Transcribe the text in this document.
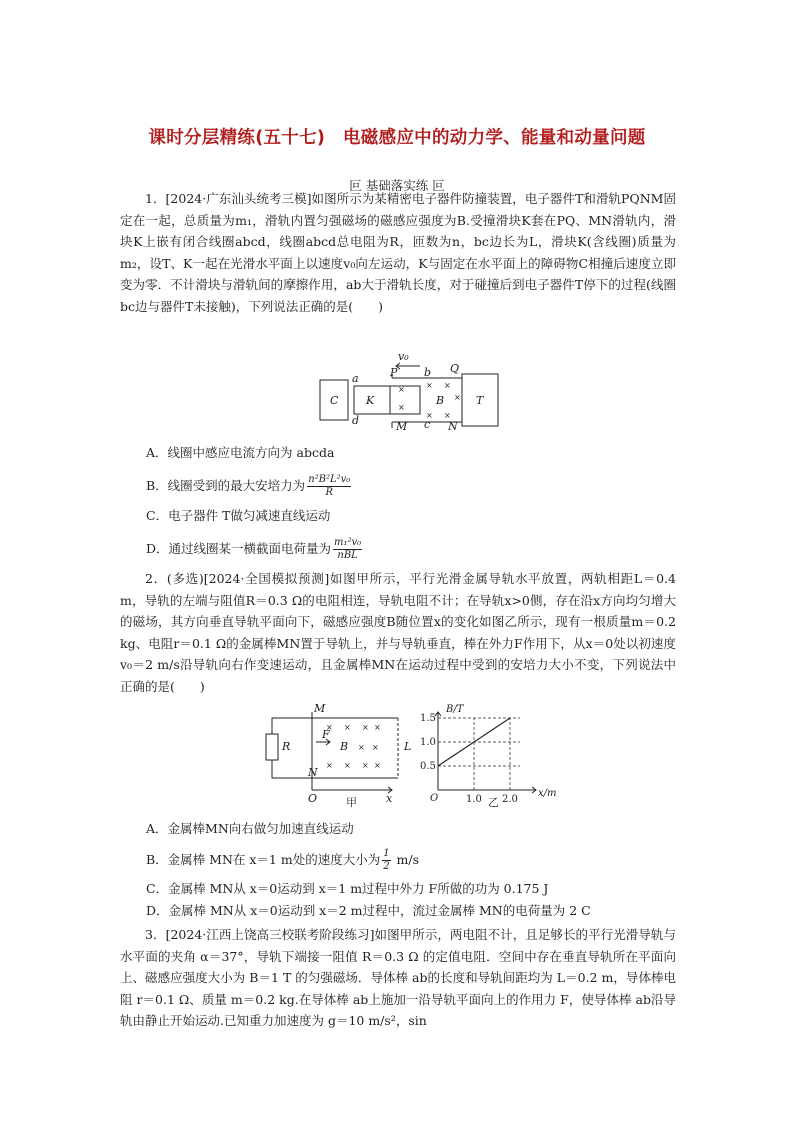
课时分层精练(五十七)　电磁感应中的动力学、能量和动量问题
叵 基础落实练 叵
1．[2024·广东汕头统考三模]如图所示为某精密电子器件防撞装置，电子器件T和滑轨PQNM固定在一起，总质量为m₁，滑轨内置匀强磁场的磁感应强度为B.受撞滑块K套在PQ、MN滑轨内，滑块K上嵌有闭合线圈abcd，线圈abcd总电阻为R，匝数为n，bc边长为L，滑块K(含线圈)质量为m₂，设T、K一起在光滑水平面上以速度v₀向左运动，K与固定在水平面上的障碍物C相撞后速度立即变为零．不计滑块与滑轨间的摩擦作用，ab大于滑轨长度，对于碰撞后到电子器件T停下的过程(线圈bc边与器件T未接触)，下列说法正确的是(　　)
C	K	B	T
a
d
b
c
P	Q
M	N
v₀
×
×
× ×
× ×
×
R
M
N
O
F
B	L
x
甲
× × × ×
× ×
× × × ×
B/T
x/m
O	乙
0.5
1.0
1.5
1.0 2.0
A．线圈中感应电流方向为 abcda
B．线圈受到的最大安培力为 $\frac{\text{n²B²L²v₀}}{R}$
C．电子器件 T做匀减速直线运动
D．通过线圈某一横截面电荷量为 $\frac{\text{m₁²v₀}}{\text{nBL}}$
2．(多选)[2024·全国模拟预测]如图甲所示，平行光滑金属导轨水平放置，两轨相距L＝0.4 m，导轨的左端与阻值R＝0.3 Ω的电阻相连，导轨电阻不计；在导轨x>0侧，存在沿x方向均匀增大的磁场，其方向垂直导轨平面向下，磁感应强度B随位置x的变化如图乙所示，现有一根质量m＝0.2 kg、电阻r＝0.1 Ω的金属棒MN置于导轨上，并与导轨垂直，棒在外力F作用下，从x＝0处以初速度v₀＝2 m/s沿导轨向右作变速运动，且金属棒MN在运动过程中受到的安培力大小不变，下列说法中正确的是(　　)
A．金属棒MN向右做匀加速直线运动
B．金属棒 MN在 x＝1 m处的速度大小为 $\frac{1}{2} m/s$
C．金属棒 MN从 x＝0运动到 x＝1 m过程中外力 F所做的功为 0.175 J
D．金属棒 MN从 x＝0运动到 x＝2 m过程中，流过金属棒 MN的电荷量为 2 C
3．[2024·江西上饶高三校联考阶段练习]如图甲所示，两电阻不计，且足够长的平行光滑导轨与水平面的夹角 α＝37°，导轨下端接一阻值 R＝0.3 Ω 的定值电阻．空间中存在垂直导轨所在平面向上、磁感应强度大小为 B＝1 T 的匀强磁场．导体棒 ab的长度和导轨间距均为 L＝0.2 m，导体棒电阻 r＝0.1 Ω、质量 m＝0.2 kg.在导体棒 ab上施加一沿导轨平面向上的作用力 F，使导体棒 ab沿导轨由静止开始运动.已知重力加速度为 g＝10 m/s²，sin
